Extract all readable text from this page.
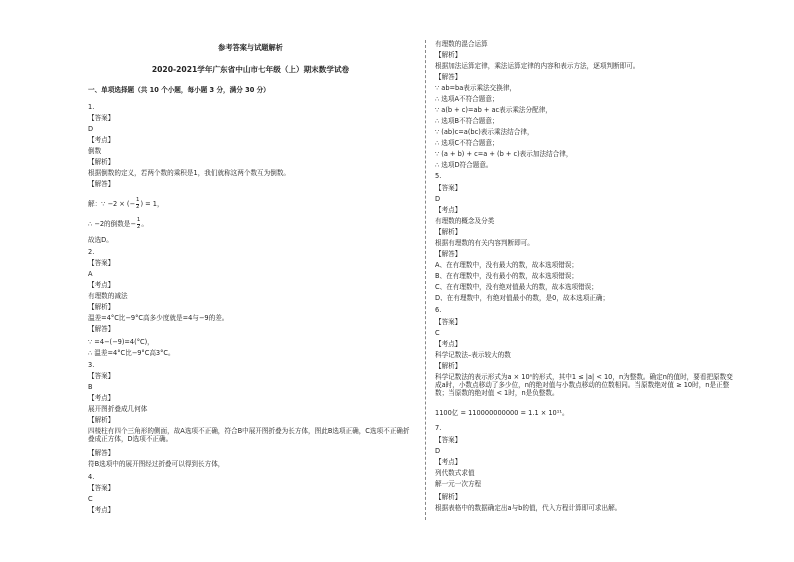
参考答案与试题解析
2020-2021学年广东省中山市七年级（上）期末数学试卷
一、单项选择题（共 10 个小题，每小题 3 分，满分 30 分）
1.
【答案】
D
【考点】
倒数
【解析】
根据倒数的定义，若两个数的乘积是1，我们就称这两个数互为倒数。
【解答】
解：∵ −2 × (− $\frac{1}{2}$ ) = 1，
∴ −2的倒数是− $\frac{1}{2}$ 。
故选D。
2.
【答案】
A
【考点】
有理数的减法
【解析】
温差=4°C比−9°C高多少度就是=4与−9的差。
【解答】
∵ =4−(−9)=4(°C)，
∴ 温差=4°C比−9°C高3°C。
3.
【答案】
B
【考点】
展开图折叠成几何体
【解析】
四棱柱有四个三角形的侧面，故A选项不正确，符合B中展开图折叠为长方体，图此B选项正确，C选项不正确折叠成正方体，D选项不正确。
【解答】
符B选项中的展开图经过折叠可以得到长方体，
4.
【答案】
C
【考点】
有理数的混合运算
【解析】
根据加法运算定律，乘法运算定律的内容和表示方法，逐项判断即可。
【解答】
∵ ab=ba表示乘法交换律，
∴ 选项A不符合题意；
∵ a(b + c)=ab + ac表示乘法分配律，
∴ 选项B不符合题意；
∵ (ab)c=a(bc)表示乘法结合律，
∴ 选项C不符合题意；
∵ (a + b) + c=a + (b + c)表示加法结合律，
∴ 选项D符合题意。
5.
【答案】
D
【考点】
有理数的概念及分类
【解析】
根据有理数的有关内容判断即可。
【解答】
A、在有理数中，没有最大的数，故本选项错误；
B、在有理数中，没有最小的数，故本选项错误；
C、在有理数中，没有绝对值最大的数，故本选项错误；
D、在有理数中，有绝对值最小的数，是0，故本选项正确；
6.
【答案】
C
【考点】
科学记数法–表示较大的数
【解析】
科学记数法的表示形式为a × 10ⁿ的形式，其中1 ≤ |a| < 10，n为整数。确定n的值时，要看把原数变成a时，小数点移动了多少位，n的绝对值与小数点移动的位数相同。当原数绝对值 ≥ 10时，n是正整数；当原数的绝对值 < 1时，n是负整数。
1100亿 = 110000000000 = 1.1 × 10¹¹。
7.
【答案】
D
【考点】
列代数式求值
解一元一次方程
【解析】
根据表格中的数据确定出a与b的值，代入方程计算即可求出解。
